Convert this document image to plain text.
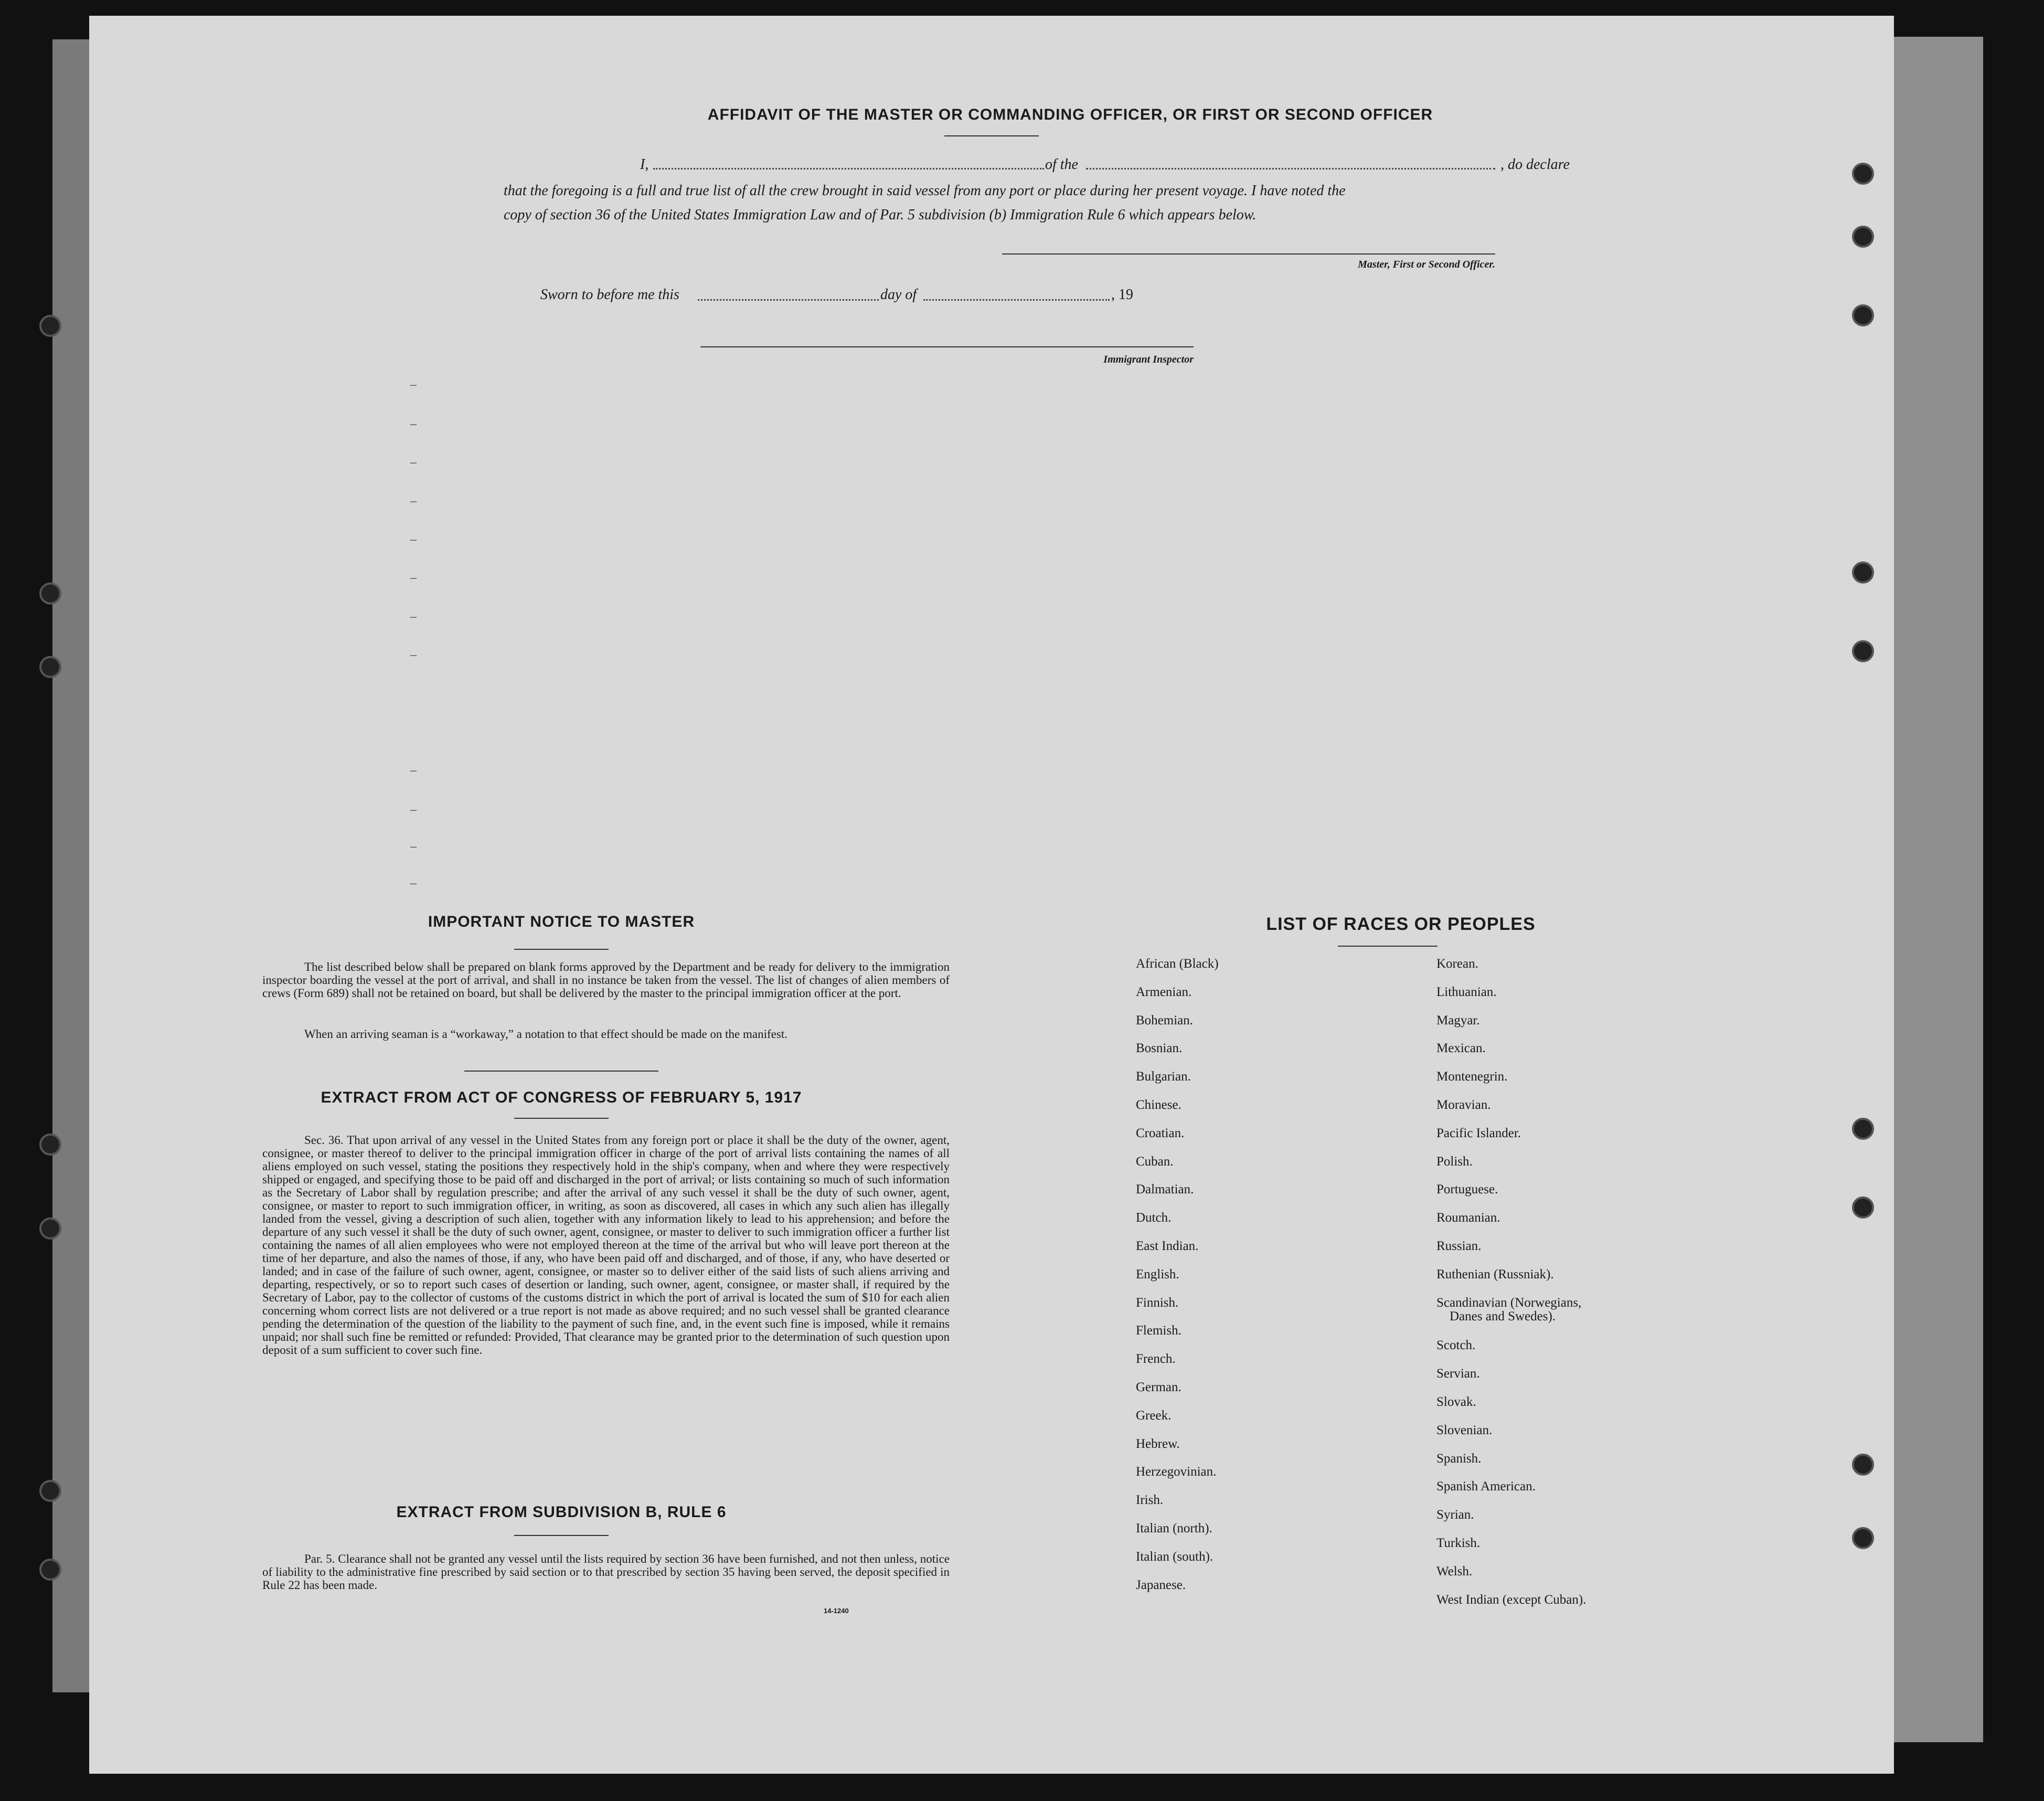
AFFIDAVIT OF THE MASTER OR COMMANDING OFFICER, OR FIRST OR SECOND OFFICER
I,	of the	, do declare
that the foregoing is a full and true list of all the crew brought in said vessel from any port or place during her present voyage. I have noted the
copy of section 36 of the United States Immigration Law and of Par. 5 subdivision (b) Immigration Rule 6 which appears below.
Master, First or Second Officer.
Sworn to before me this	day of	, 19
Immigrant Inspector
–
–
–
–
–
–
–
–
–
–
–
–
IMPORTANT NOTICE TO MASTER
The list described below shall be prepared on blank forms approved by the Department and be ready for delivery to the immigration inspector boarding the vessel at the port of arrival, and shall in no instance be taken from the vessel. The list of changes of alien members of crews (Form 689) shall not be retained on board, but shall be delivered by the master to the principal immigration officer at the port.
When an arriving seaman is a “workaway,” a notation to that effect should be made on the manifest.
EXTRACT FROM ACT OF CONGRESS OF FEBRUARY 5, 1917
Sec. 36. That upon arrival of any vessel in the United States from any foreign port or place it shall be the duty of the owner, agent, consignee, or master thereof to deliver to the principal immigration officer in charge of the port of arrival lists containing the names of all aliens employed on such vessel, stating the positions they respectively hold in the ship's company, when and where they were respectively shipped or engaged, and specifying those to be paid off and discharged in the port of arrival; or lists containing so much of such information as the Secretary of Labor shall by regulation prescribe; and after the arrival of any such vessel it shall be the duty of such owner, agent, consignee, or master to report to such immigration officer, in writing, as soon as discovered, all cases in which any such alien has illegally landed from the vessel, giving a description of such alien, together with any information likely to lead to his apprehension; and before the departure of any such vessel it shall be the duty of such owner, agent, consignee, or master to deliver to such immigration officer a further list containing the names of all alien employees who were not employed thereon at the time of the arrival but who will leave port thereon at the time of her departure, and also the names of those, if any, who have been paid off and discharged, and of those, if any, who have deserted or landed; and in case of the failure of such owner, agent, consignee, or master so to deliver either of the said lists of such aliens arriving and departing, respectively, or so to report such cases of desertion or landing, such owner, agent, consignee, or master shall, if required by the Secretary of Labor, pay to the collector of customs of the customs district in which the port of arrival is located the sum of $10 for each alien concerning whom correct lists are not delivered or a true report is not made as above required; and no such vessel shall be granted clearance pending the determination of the question of the liability to the payment of such fine, and, in the event such fine is imposed, while it remains unpaid; nor shall such fine be remitted or refunded: Provided, That clearance may be granted prior to the determination of such question upon deposit of a sum sufficient to cover such fine.
EXTRACT FROM SUBDIVISION B, RULE 6
Par. 5. Clearance shall not be granted any vessel until the lists required by section 36 have been furnished, and not then unless, notice of liability to the administrative fine prescribed by said section or to that prescribed by section 35 having been served, the deposit specified in Rule 22 has been made.
14-1240
LIST OF RACES OR PEOPLES
African (Black)
Armenian.
Bohemian.
Bosnian.
Bulgarian.
Chinese.
Croatian.
Cuban.
Dalmatian.
Dutch.
East Indian.
English.
Finnish.
Flemish.
French.
German.
Greek.
Hebrew.
Herzegovinian.
Irish.
Italian (north).
Italian (south).
Japanese.
Korean.
Lithuanian.
Magyar.
Mexican.
Montenegrin.
Moravian.
Pacific Islander.
Polish.
Portuguese.
Roumanian.
Russian.
Ruthenian (Russniak).
Scandinavian (Norwegians,
Danes and Swedes).
Scotch.
Servian.
Slovak.
Slovenian.
Spanish.
Spanish American.
Syrian.
Turkish.
Welsh.
West Indian (except Cuban).
